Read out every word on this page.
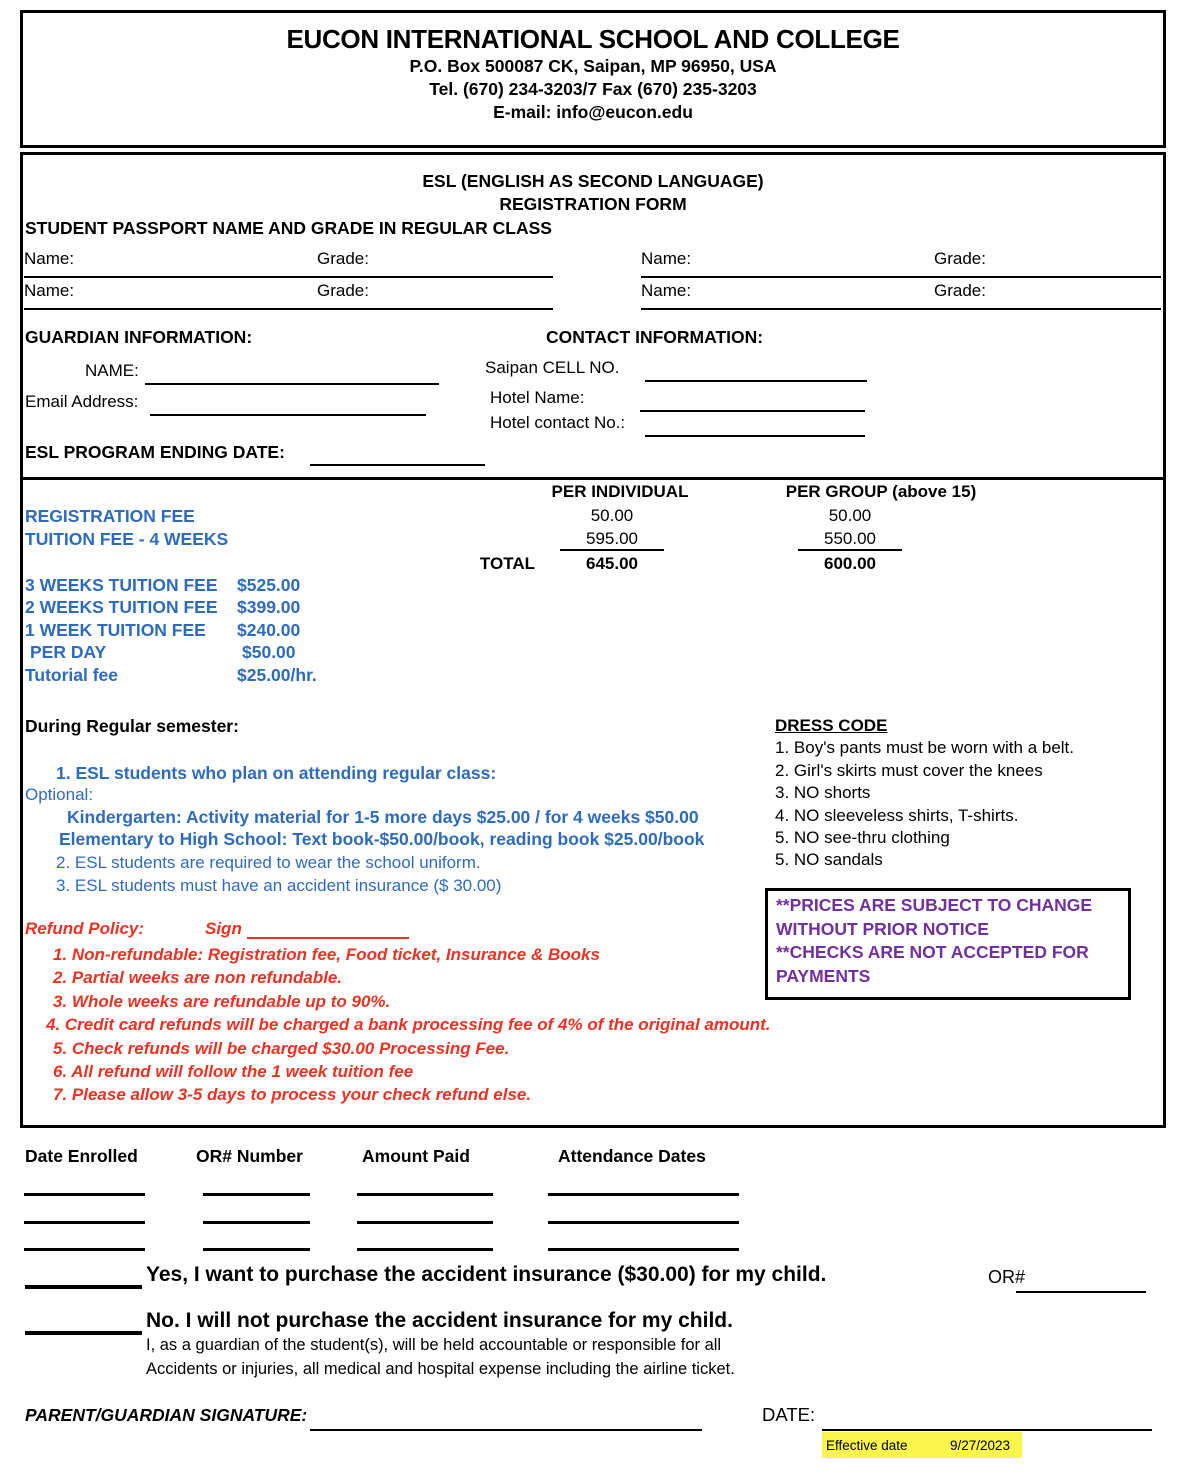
EUCON INTERNATIONAL SCHOOL AND COLLEGE
P.O. Box 500087 CK, Saipan, MP 96950, USA
Tel. (670) 234-3203/7 Fax (670) 235-3203
E-mail: info@eucon.edu
ESL (ENGLISH AS SECOND LANGUAGE)
REGISTRATION FORM
STUDENT PASSPORT NAME AND GRADE IN REGULAR CLASS
Name:	Grade:	Name:	Grade:
Name:	Grade:	Name:	Grade:
GUARDIAN INFORMATION:	CONTACT INFORMATION:
NAME:	Saipan CELL NO.
Email Address:	Hotel Name:
Hotel contact No.:
ESL PROGRAM ENDING DATE:
PER INDIVIDUAL	PER GROUP (above 15)
REGISTRATION FEE	50.00	50.00
TUITION FEE - 4 WEEKS	595.00	550.00
TOTAL	645.00	600.00
3 WEEKS TUITION FEE $525.00
2 WEEKS TUITION FEE $399.00
1 WEEK TUITION FEE $240.00
PER DAY	$50.00
Tutorial fee	$25.00/hr.
During Regular semester:
1. ESL students who plan on attending regular class:
Optional:
Kindergarten: Activity material for 1-5 more days $25.00 / for 4 weeks $50.00
Elementary to High School: Text book-$50.00/book, reading book $25.00/book
2. ESL students are required to wear the school uniform.
3. ESL students must have an accident insurance ($ 30.00)
DRESS CODE
1. Boy's pants must be worn with a belt.
2. Girl's skirts must cover the knees
3. NO shorts
4. NO sleeveless shirts, T-shirts.
5. NO see-thru clothing
5. NO sandals
**PRICES ARE SUBJECT TO CHANGE WITHOUT PRIOR NOTICE
**CHECKS ARE NOT ACCEPTED FOR PAYMENTS
Refund Policy:	Sign
1. Non-refundable: Registration fee, Food ticket, Insurance & Books
2. Partial weeks are non refundable.
3. Whole weeks are refundable up to 90%.
4. Credit card refunds will be charged a bank processing fee of 4% of the original amount.
5. Check refunds will be charged $30.00 Processing Fee.
6. All refund will follow the 1 week tuition fee
7. Please allow 3-5 days to process your check refund else.
Date Enrolled	OR# Number	Amount Paid	Attendance Dates
Yes, I want to purchase the accident insurance ($30.00) for my child.	OR#
No. I will not purchase the accident insurance for my child.
I, as a guardian of the student(s), will be held accountable or responsible for all
Accidents or injuries, all medical and hospital expense including the airline ticket.
PARENT/GUARDIAN SIGNATURE:	DATE:
Effective date	9/27/2023
